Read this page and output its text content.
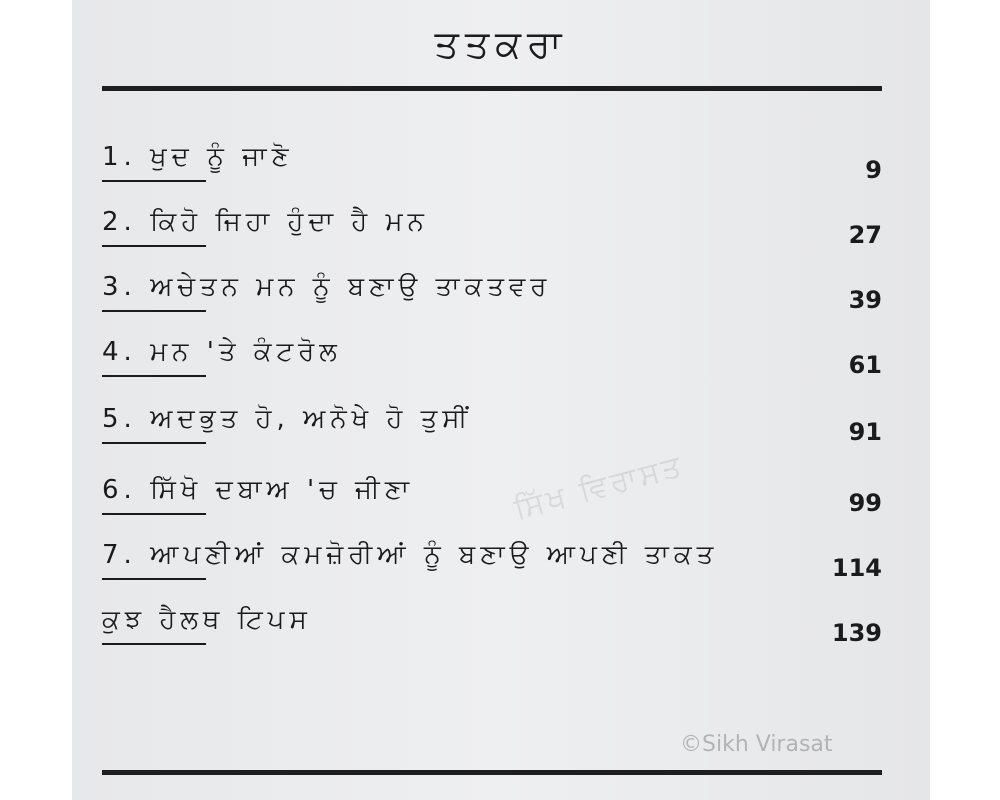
ਤਤਕਰਾ
1. ਖੁਦ ਨੂੰ ਜਾਣੋ	9
2. ਕਿਹੋ ਜਿਹਾ ਹੁੰਦਾ ਹੈ ਮਨ	27
3. ਅਚੇਤਨ ਮਨ ਨੂੰ ਬਣਾਉ ਤਾਕਤਵਰ	39
4. ਮਨ 'ਤੇ ਕੰਟਰੋਲ	61
5. ਅਦਭੁਤ ਹੋ, ਅਨੋਖੇ ਹੋ ਤੁਸੀਂ	91
6. ਸਿੱਖੋ ਦਬਾਅ 'ਚ ਜੀਣਾ	99
7. ਆਪਣੀਆਂ ਕਮਜ਼ੋਰੀਆਂ ਨੂੰ ਬਣਾਉ ਆਪਣੀ ਤਾਕਤ	114
ਕੁਝ ਹੈਲਥ ਟਿਪਸ	139
ਸਿੱਖ ਵਿਰਾਸਤ
©Sikh Virasat
